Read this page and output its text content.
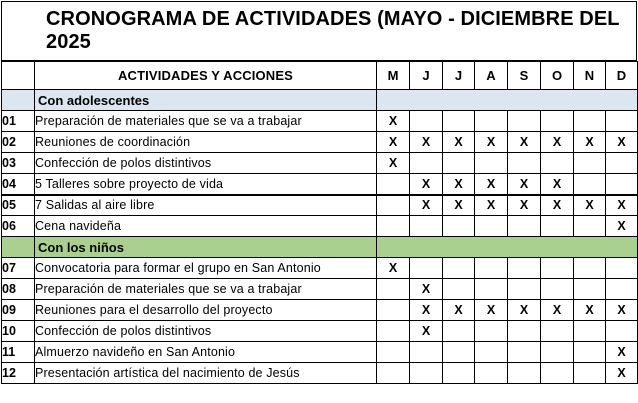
CRONOGRAMA DE ACTIVIDADES (MAYO - DICIEMBRE DEL 2025
	ACTIVIDADES Y ACCIONES	M	J	J	A	S	O	N	D
	Con adolescentes								
01	Preparación de materiales que se va a trabajar	X							
02	Reuniones de coordinación	X	X	X	X	X	X	X	X
03	Confección de polos distintivos	X							
04	5 Talleres sobre proyecto de vida		X	X	X	X	X		
05	7 Salidas al aire libre		X	X	X	X	X	X	X
06	Cena navideña								X
	Con los niños								
07	Convocatoria para formar el grupo en San Antonio	X							
08	Preparación de materiales que se va a trabajar		X						
09	Reuniones para el desarrollo del proyecto		X	X	X	X	X	X	X
10	Confección de polos distintivos		X						
11	Almuerzo navideño en San Antonio								X
12	Presentación artística del nacimiento de Jesús								X
